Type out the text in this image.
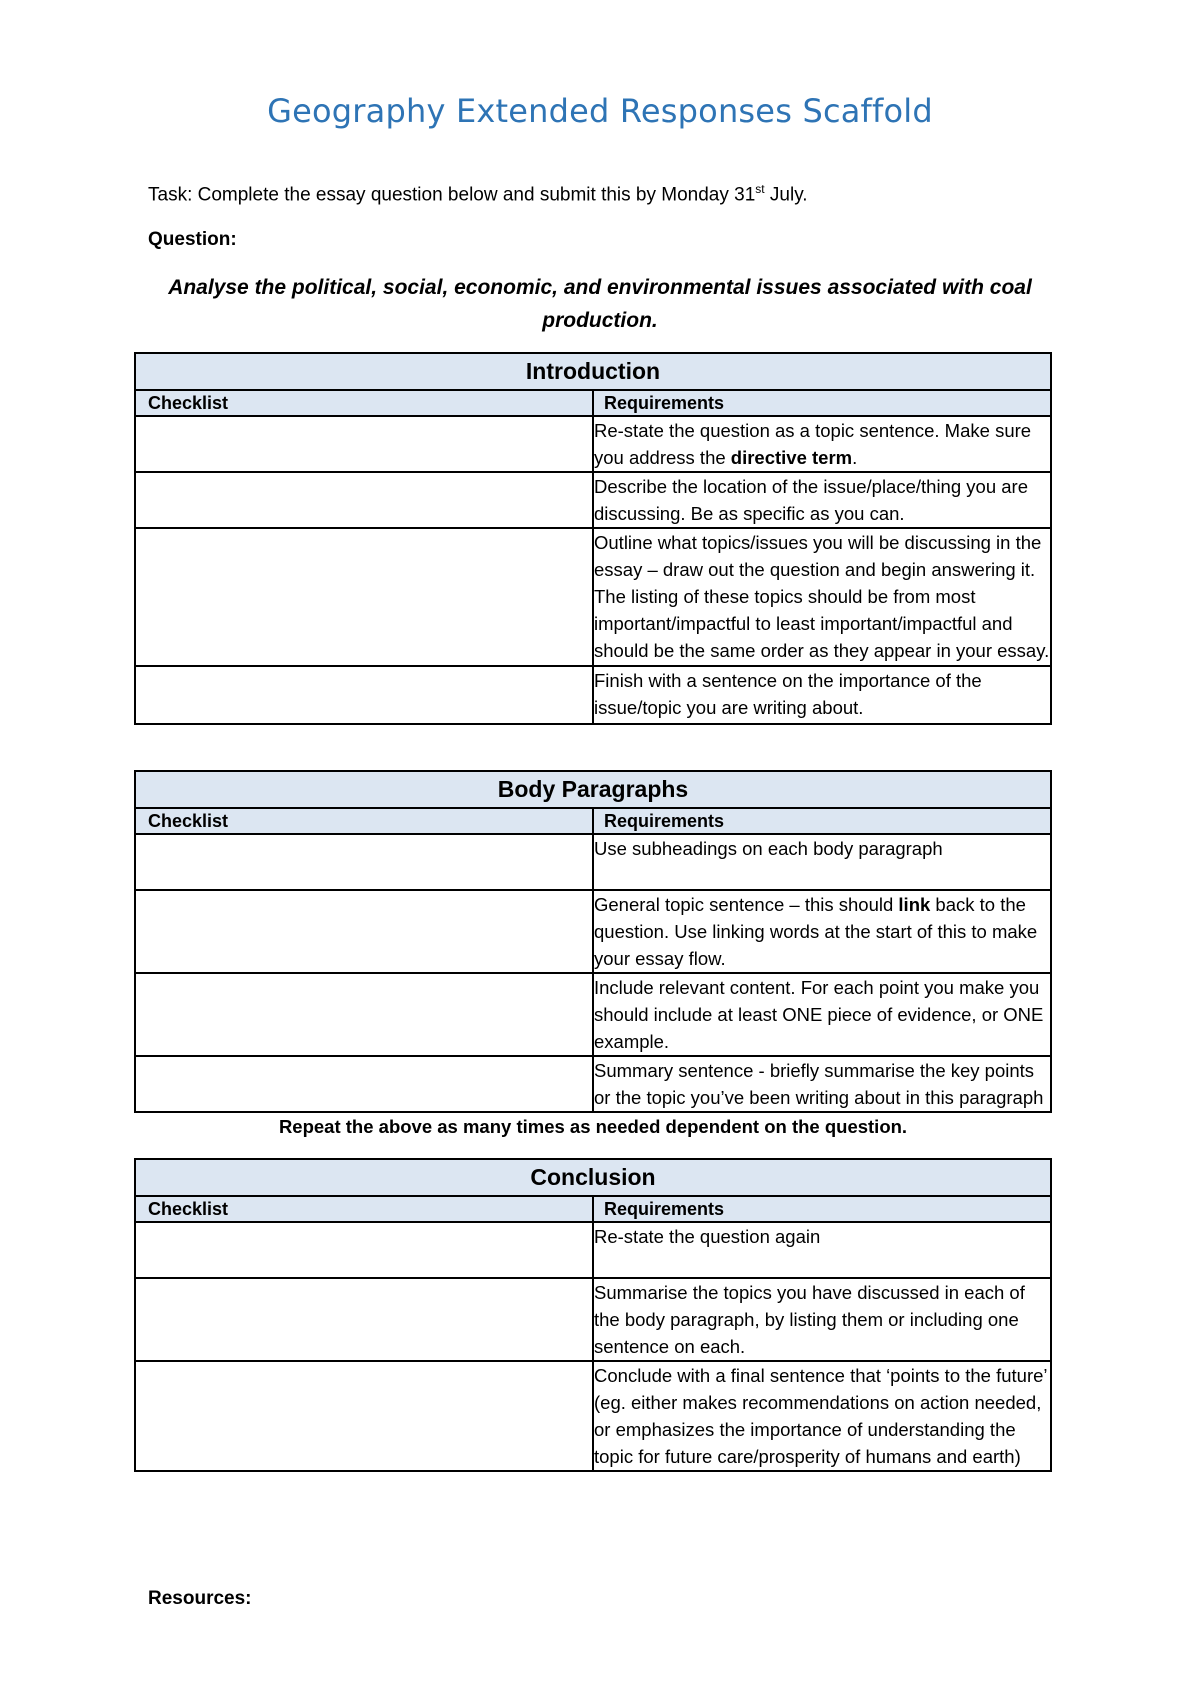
Geography Extended Responses Scaffold
Task: Complete the essay question below and submit this by Monday 31st July.
Question:
Analyse the political, social, economic, and environmental issues associated with coal production.
Introduction	
Checklist	Requirements
	Re-state the question as a topic sentence. Make sure you address the directive term.
	Describe the location of the issue/place/thing you are discussing. Be as specific as you can.
	Outline what topics/issues you will be discussing in the essay – draw out the question and begin answering it. The listing of these topics should be from most important/impactful to least important/impactful and should be the same order as they appear in your essay.
	Finish with a sentence on the importance of the issue/topic you are writing about.
Body Paragraphs	
Checklist	Requirements
	Use subheadings on each body paragraph
	General topic sentence – this should link back to the question. Use linking words at the start of this to make your essay flow.
	Include relevant content. For each point you make you should include at least ONE piece of evidence, or ONE example.
	Summary sentence - briefly summarise the key points or the topic you’ve been writing about in this paragraph
Repeat the above as many times as needed dependent on the question.
Conclusion	
Checklist	Requirements
	Re-state the question again
	Summarise the topics you have discussed in each of the body paragraph, by listing them or including one sentence on each.
	Conclude with a final sentence that ‘points to the future’ (eg. either makes recommendations on action needed, or emphasizes the importance of understanding the topic for future care/prosperity of humans and earth)
Resources:
